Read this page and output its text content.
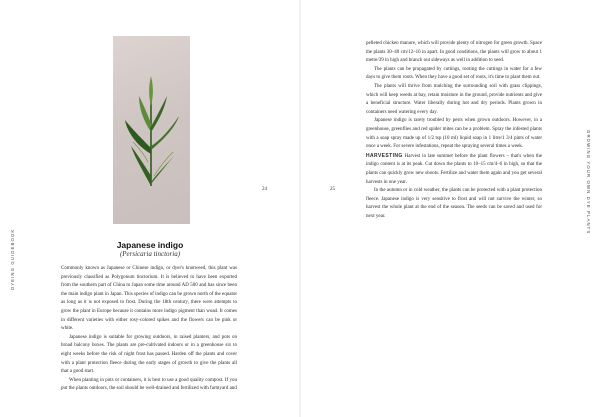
DYEING GUIDEBOOK	Japanese indigo
(Persicaria tinctoria)

Commonly known as Japanese or Chinese indigo, or dyer's knotweed, this plant was previously classified as Polygonum tinctorium. It is believed to have been exported from the southern part of China to Japan some time around AD 500 and has since been the main indigo plant in Japan. This species of indigo can be grown north of the equator as long as it is not exposed to frost. During the 18th century, there were attempts to grow the plant in Europe because it contains more indigo pigment than woad. It comes in different varieties with either rosy-colored spikes and the flowers can be pink or white.

Japanese indigo is suitable for growing outdoors, in raised planters, and pots on broad balcony boxes. The plants are pre-cultivated indoors or in a greenhouse six to eight weeks before the risk of night frost has passed. Harden off the plants and cover with a plant protection fleece during the early stages of growth to give the plants all that a good start.

When planting in pots or containers, it is best to use a good quality compost. If you put the plants outdoors, the soil should be well-drained and fertilized with farmyard and

24	25

pelleted chicken manure, which will provide plenty of nitrogen for green growth. Space the plants 30–40 cm/12–16 in apart. In good conditions, the plants will grow to about 1 metre/39 in high and branch out sideways as well in addition to seed.

The plants can be propagated by cuttings, rooting the cuttings in water for a few days to give them roots. When they have a good set of roots, it's time to plant them out.

The plants will thrive from mulching the surrounding soil with grass clippings, which will keep weeds at bay, retain moisture in the ground, provide nutrients and give a beneficial structure. Water liberally during hot and dry periods. Plants grown in containers need watering every day.

Japanese indigo is rarely troubled by pests when grown outdoors. However, in a greenhouse, greenflies and red spider mites can be a problem. Spray the infested plants with a soap spray made up of 1/2 tsp (10 ml) liquid soap in 1 litre/1 3/4 pints of water once a week. For severe infestations, repeat the spraying several times a week.

HARVESTING Harvest in late summer before the plant flowers – that's when the indigo content is at its peak. Cut down the plants to 10–15 cm/4–6 in high, so that the plants can quickly grow new shoots. Fertilize and water them again and you get several harvests in one year.

In the autumn or in cold weather, the plants can be protected with a plant protection fleece. Japanese indigo is very sensitive to frost and will not survive the winter, so harvest the whole plant at the end of the season. The seeds can be saved and used for next year.	GROWING YOUR OWN DYE PLANTS
